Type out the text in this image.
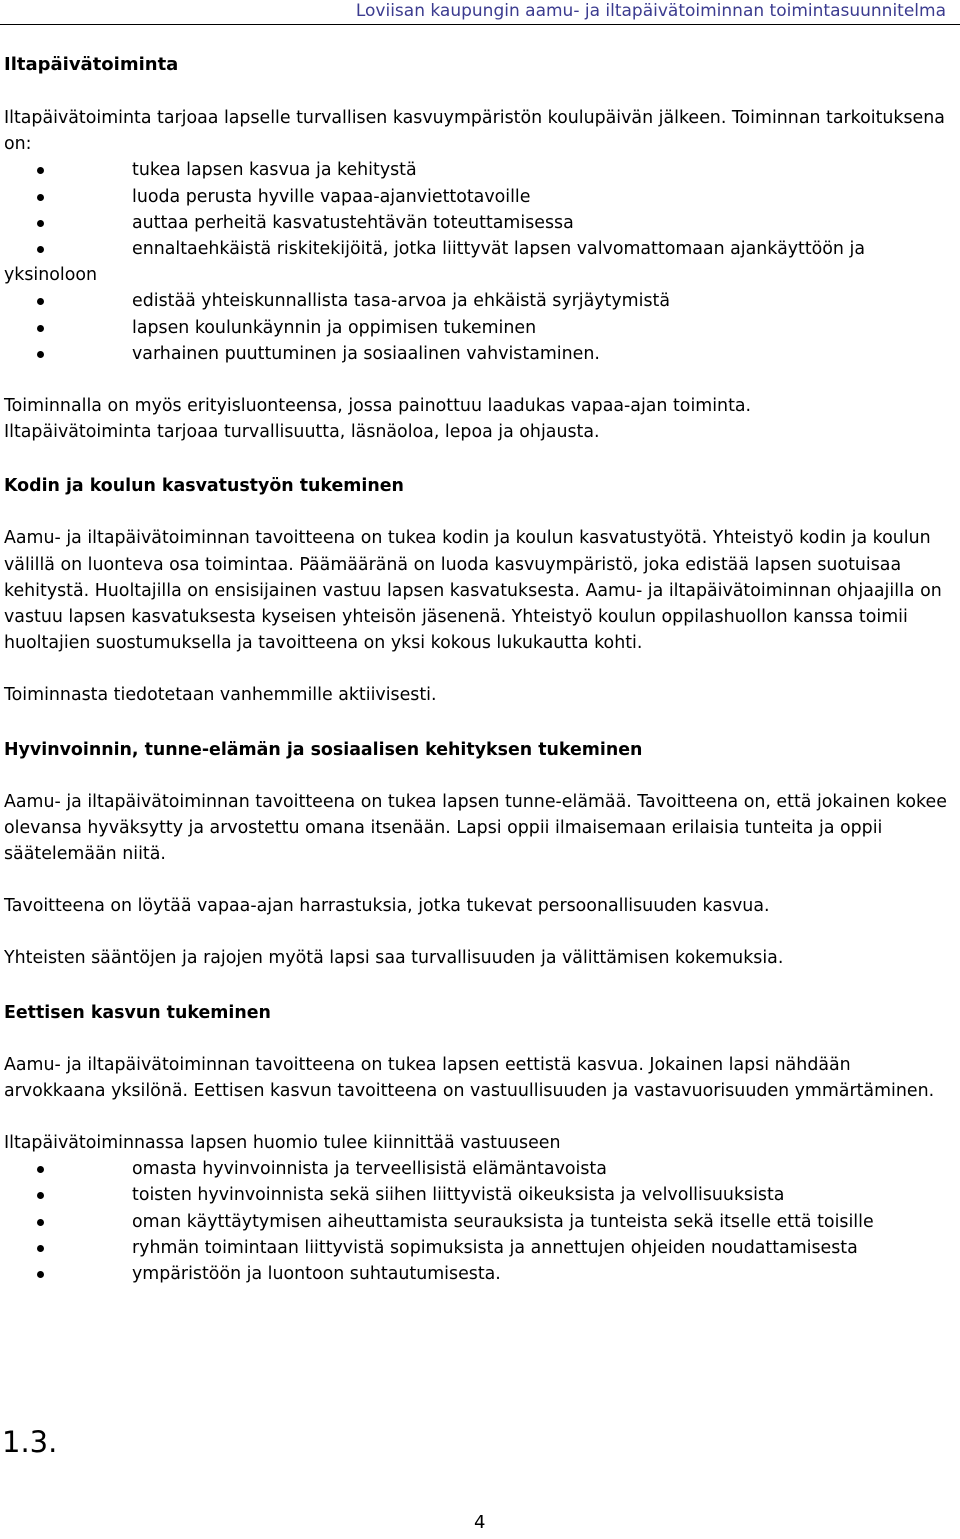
Loviisan kaupungin aamu- ja iltapäivätoiminnan toimintasuunnitelma

Iltapäivätoiminta

Iltapäivätoiminta tarjoaa lapselle turvallisen kasvuympäristön koulupäivän jälkeen. Toiminnan tarkoituksena on:

tukea lapsen kasvua ja kehitystä
luoda perusta hyville vapaa-ajanviettotavoille
auttaa perheitä kasvatustehtävän toteuttamisessa
ennaltaehkäistä riskitekijöitä, jotka liittyvät lapsen valvomattomaan ajankäyttöön ja
yksinoloon
edistää yhteiskunnallista tasa-arvoa ja ehkäistä syrjäytymistä
lapsen koulunkäynnin ja oppimisen tukeminen
varhainen puuttuminen ja sosiaalinen vahvistaminen.

Toiminnalla on myös erityisluonteensa, jossa painottuu laadukas vapaa-ajan toiminta. Iltapäivätoiminta tarjoaa turvallisuutta, läsnäoloa, lepoa ja ohjausta.

Kodin ja koulun kasvatustyön tukeminen

Aamu- ja iltapäivätoiminnan tavoitteena on tukea kodin ja koulun kasvatustyötä. Yhteistyö kodin ja koulun välillä on luonteva osa toimintaa. Päämääränä on luoda kasvuympäristö, joka edistää lapsen suotuisaa kehitystä. Huoltajilla on ensisijainen vastuu lapsen kasvatuksesta. Aamu- ja iltapäivätoiminnan ohjaajilla on vastuu lapsen kasvatuksesta kyseisen yhteisön jäsenenä. Yhteistyö koulun oppilashuollon kanssa toimii huoltajien suostumuksella ja tavoitteena on yksi kokous lukukautta kohti.

Toiminnasta tiedotetaan vanhemmille aktiivisesti.

Hyvinvoinnin, tunne-elämän ja sosiaalisen kehityksen tukeminen

Aamu- ja iltapäivätoiminnan tavoitteena on tukea lapsen tunne-elämää. Tavoitteena on, että jokainen kokee olevansa hyväksytty ja arvostettu omana itsenään. Lapsi oppii ilmaisemaan erilaisia tunteita ja oppii säätelemään niitä.

Tavoitteena on löytää vapaa-ajan harrastuksia, jotka tukevat persoonallisuuden kasvua.

Yhteisten sääntöjen ja rajojen myötä lapsi saa turvallisuuden ja välittämisen kokemuksia.

Eettisen kasvun tukeminen

Aamu- ja iltapäivätoiminnan tavoitteena on tukea lapsen eettistä kasvua. Jokainen lapsi nähdään arvokkaana yksilönä. Eettisen kasvun tavoitteena on vastuullisuuden ja vastavuorisuuden ymmärtäminen.

Iltapäivätoiminnassa lapsen huomio tulee kiinnittää vastuuseen

omasta hyvinvoinnista ja terveellisistä elämäntavoista
toisten hyvinvoinnista sekä siihen liittyvistä oikeuksista ja velvollisuuksista
oman käyttäytymisen aiheuttamista seurauksista ja tunteista sekä itselle että toisille
ryhmän toimintaan liittyvistä sopimuksista ja annettujen ohjeiden noudattamisesta
ympäristöön ja luontoon suhtautumisesta.
1.3.
4
